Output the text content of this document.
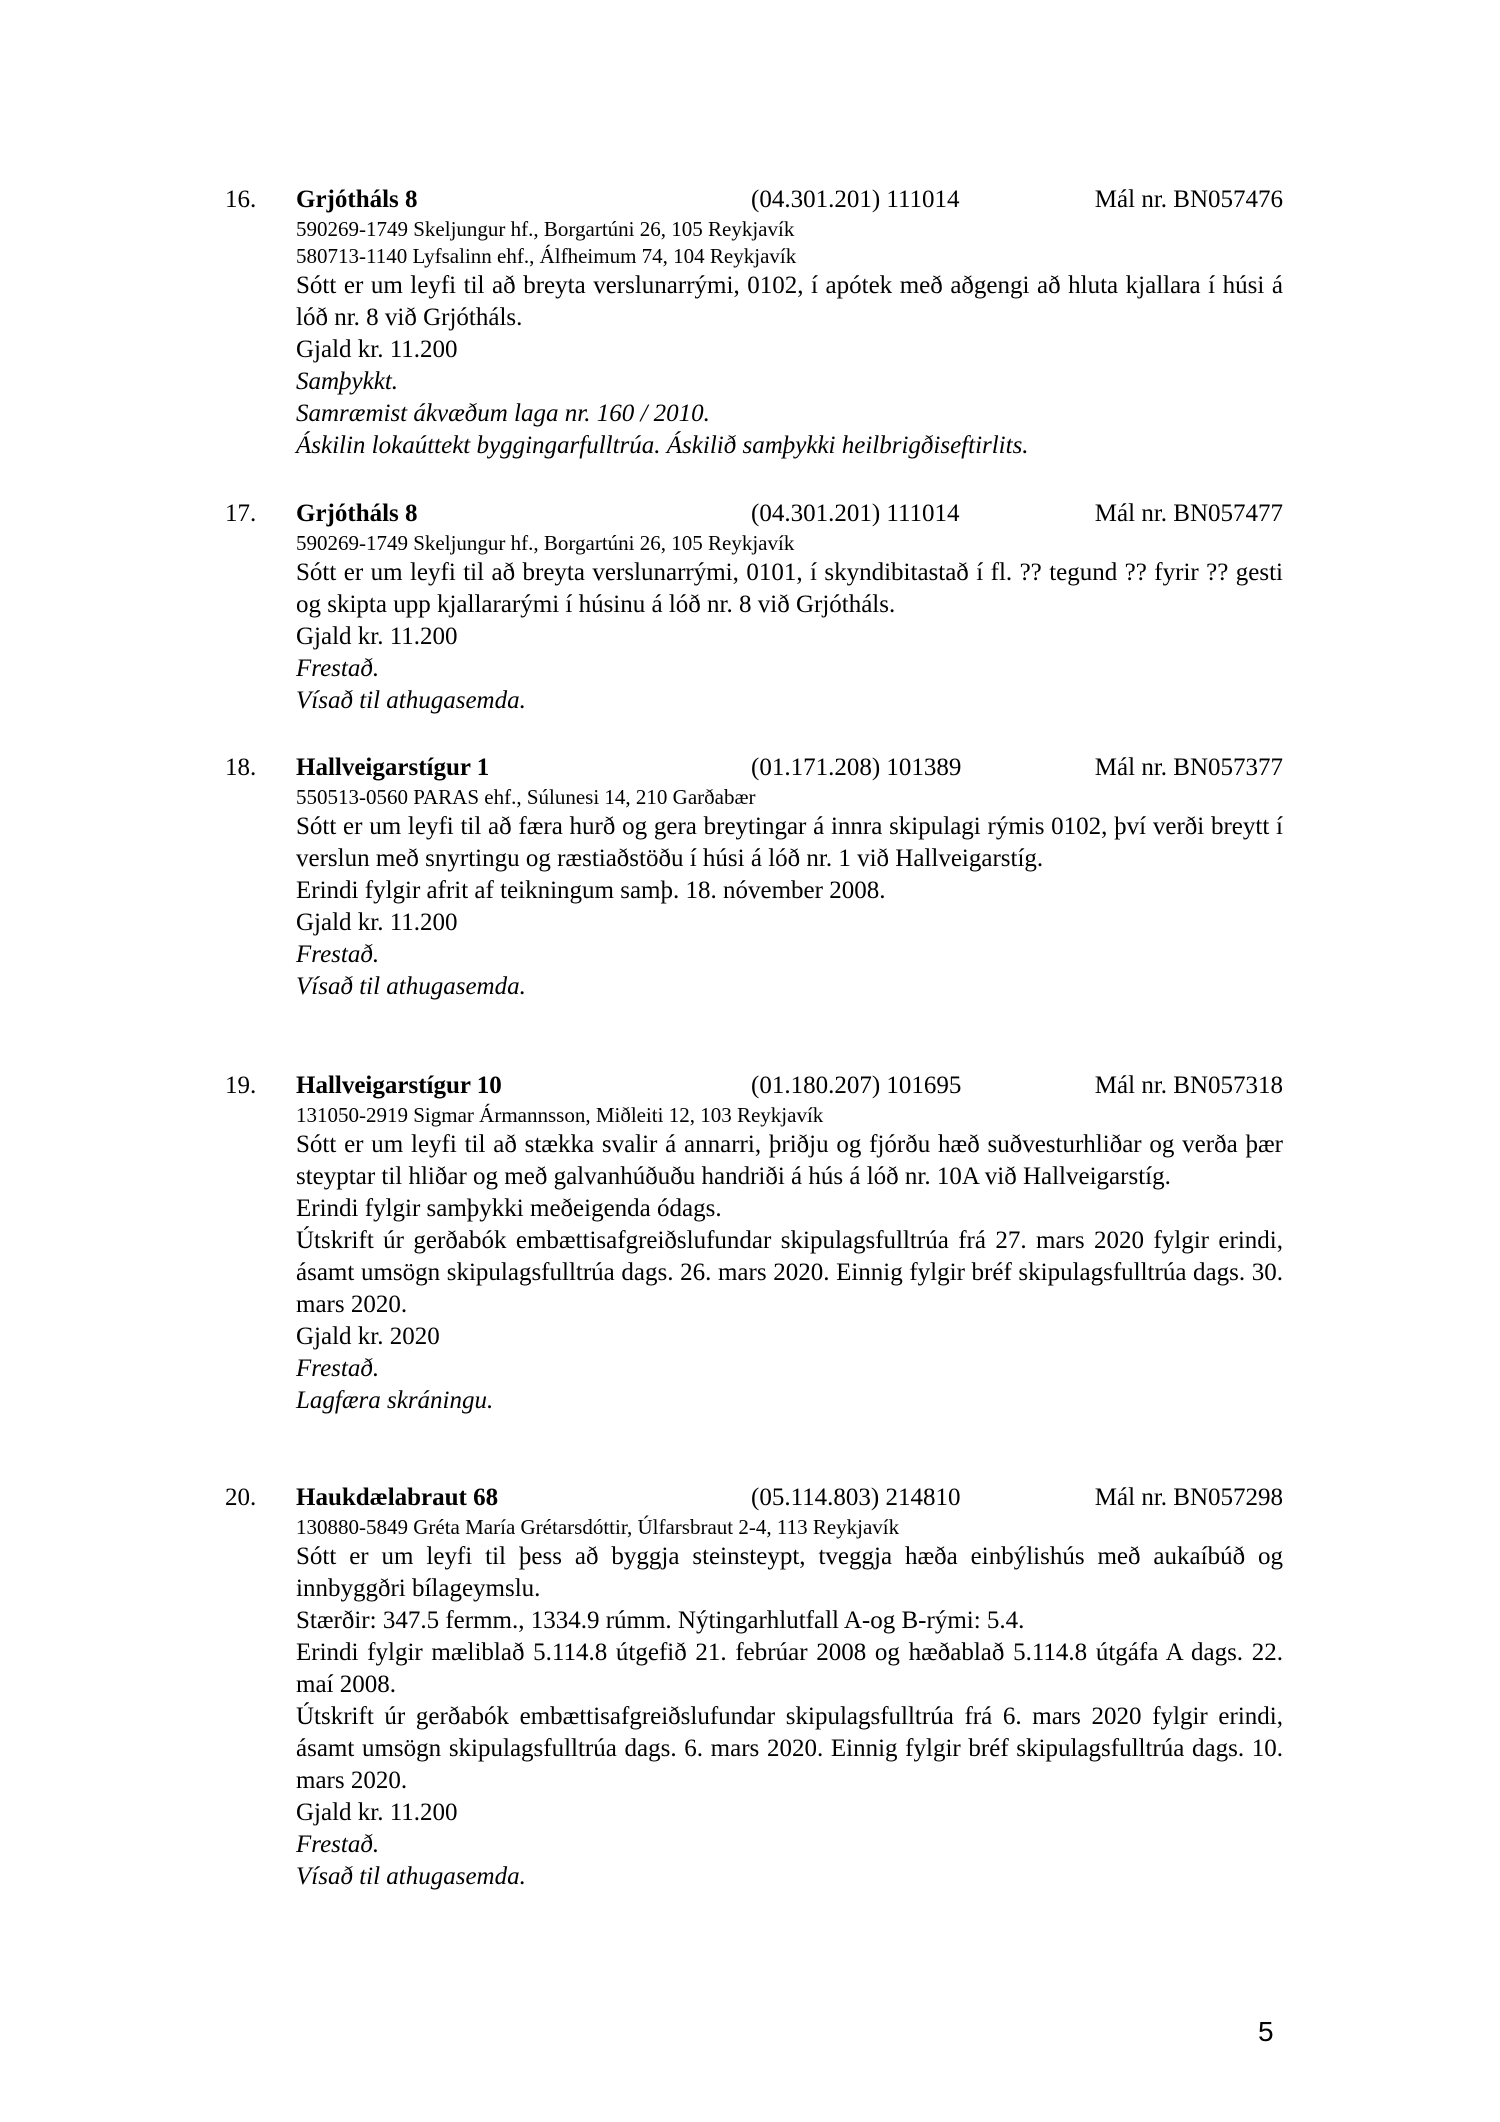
16. Grjótháls 8	(04.301.201) 111014	Mál nr. BN057476
590269-1749 Skeljungur hf., Borgartúni 26, 105 Reykjavík
580713-1140 Lyfsalinn ehf., Álfheimum 74, 104 Reykjavík
Sótt er um leyfi til að breyta verslunarrými, 0102, í apótek með aðgengi að hluta kjallara í húsi á lóð nr. 8 við Grjótháls.
Gjald kr. 11.200
Samþykkt.
Samræmist ákvæðum laga nr. 160 / 2010.
Áskilin lokaúttekt byggingarfulltrúa. Áskilið samþykki heilbrigðiseftirlits.
17. Grjótháls 8	(04.301.201) 111014	Mál nr. BN057477
590269-1749 Skeljungur hf., Borgartúni 26, 105 Reykjavík
Sótt er um leyfi til að breyta verslunarrými, 0101, í skyndibitastað í fl. ?? tegund ?? fyrir ?? gesti og skipta upp kjallararými í húsinu á lóð nr. 8 við Grjótháls.
Gjald kr. 11.200
Frestað.
Vísað til athugasemda.
18. Hallveigarstígur 1	(01.171.208) 101389	Mál nr. BN057377
550513-0560 PARAS ehf., Súlunesi 14, 210 Garðabær
Sótt er um leyfi til að færa hurð og gera breytingar á innra skipulagi rýmis 0102, því verði breytt í verslun með snyrtingu og ræstiaðstöðu í húsi á lóð nr. 1 við Hallveigarstíg.
Erindi fylgir afrit af teikningum samþ. 18. nóvember 2008.
Gjald kr. 11.200
Frestað.
Vísað til athugasemda.
19. Hallveigarstígur 10	(01.180.207) 101695	Mál nr. BN057318
131050-2919 Sigmar Ármannsson, Miðleiti 12, 103 Reykjavík
Sótt er um leyfi til að stækka svalir á annarri, þriðju og fjórðu hæð suðvesturhliðar og verða þær steyptar til hliðar og með galvanhúðuðu handriði á hús á lóð nr. 10A við Hallveigarstíg.
Erindi fylgir samþykki meðeigenda ódags.
Útskrift úr gerðabók embættisafgreiðslufundar skipulagsfulltrúa frá 27. mars 2020 fylgir erindi, ásamt umsögn skipulagsfulltrúa dags. 26. mars 2020. Einnig fylgir bréf skipulagsfulltrúa dags. 30. mars 2020.
Gjald kr. 2020
Frestað.
Lagfæra skráningu.
20. Haukdælabraut 68	(05.114.803) 214810	Mál nr. BN057298
130880-5849 Gréta María Grétarsdóttir, Úlfarsbraut 2-4, 113 Reykjavík
Sótt er um leyfi til þess að byggja steinsteypt, tveggja hæða einbýlishús með aukaíbúð og innbyggðri bílageymslu.
Stærðir: 347.5 fermm., 1334.9 rúmm. Nýtingarhlutfall A-og B-rými: 5.4.
Erindi fylgir mæliblað 5.114.8 útgefið 21. febrúar 2008 og hæðablað 5.114.8 útgáfa A dags. 22. maí 2008.
Útskrift úr gerðabók embættisafgreiðslufundar skipulagsfulltrúa frá 6. mars 2020 fylgir erindi, ásamt umsögn skipulagsfulltrúa dags. 6. mars 2020. Einnig fylgir bréf skipulagsfulltrúa dags. 10. mars 2020.
Gjald kr. 11.200
Frestað.
Vísað til athugasemda.
5
